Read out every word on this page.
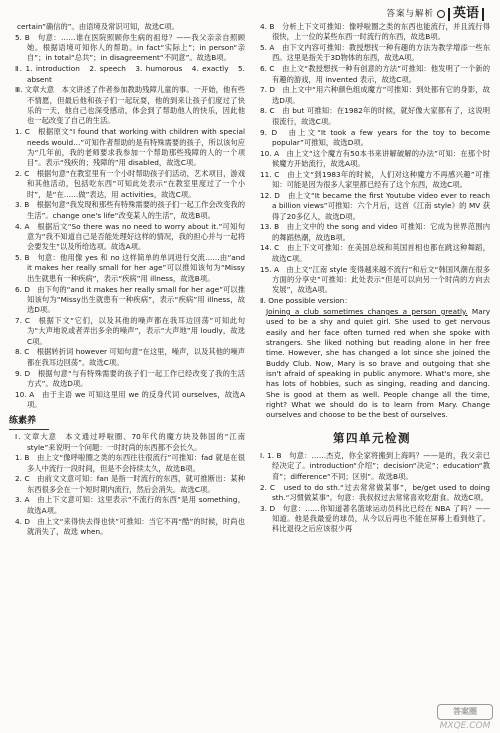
答案与解析 英语
certain”确信的”。由语境及常识可知，故选C项。
5. B　句意：……谁在医院照顾你生病的祖母？——我父亲亲自照顾她。根据语境可知你人的帮助。in fact“实际上”；in person“亲自”；in total“总共”；in disagreement“不同意”。故选B项。
Ⅱ. 1. introduction　2. speech　3. humorous　4. exactly　5. absent
Ⅲ. 文章大意　本文讲述了作者参加教助残障儿童的事。一开始，他有些不情愿，但最后他和孩子们一起玩耍，他的到来让孩子们度过了快乐的一天，他自己也深受感动，体会到了帮助他人的快乐，因此他也一起改变了自己的生活。
1. C　根据原文“I found that working with children with special needs would…”可知作者帮助的是有特殊需要的孩子，所以该句应为“几年前，我的老师要求我参加一个帮助那些残障的人的一个项目”。表示“残疾的；残障的”用 disabled，故选C项。
2. C　根据句意“在教室里有一个小时帮助孩子们活动，艺术项目，游戏和其他活动，包括吃东西”可知此处表示“在教室里度过了一个小时”，是“在……做”表达，用 activities，故选C项。
3. B　根据句意“我发现和那些有特殊需要的孩子们一起工作会改变我的生活”。change one's life“改变某人的生活”，故选B项。
4. A　根据后文“So there was no need to worry about it.”可知句意为“我不知道自己是否能处理好这样的情况，我的担心并与一起将会要发生”以及所给选项。故选A项。
5. B　句意：他用像 yes 和 no 这样简单的单词进行交流……由“and it makes her really small for her age”可以推知该句为“Missy出生就患有一种疾病”，表示“疾病”用 illness，故选B项。
6. D　由下句的“and it makes her really small for her age”可以推知该句为“Missy出生就患有一种疾病”，表示“疾病”用 illness，故选D项。
7. C　根据下文“它们，以及其他的噪声都在我耳边回荡”可知此句为“大声地说或者弄出多余的噪声”，表示“大声地”用 loudly，故选C项。
8. C　根据转折词 however 可知句意“在这里，噪声，以及其他的噪声都在我耳边回荡”。故选C项。
9. D　根据句意“与有特殊需要的孩子们一起工作已经改变了我的生活方式”。故选D项。
10. A　由于主语 we 可知这里用 we 的反身代词 ourselves，故选A项。
练素养
Ⅰ. 文章大意　本文通过呼啦圈、70年代的魔方块及韩国的“江南 style”来说明一个问题：一时时尚的东西都不会长久。
1. B　由上文“像呼啦圈之类的东西往往很流行”可推知：fad 就是在很多人中流行一段时间，但是不会持续太久，故选B项。
2. C　由前文文意可知：fan 是指一时流行的东西，就可推断出：某种东西很多会在一个短时期内流行，然后会消失。故选C项。
3. A　由上下文意可知：这里表示“不流行的东西”是用 something，故选A项。
4. D　由上文“来得快去得也快”可推知：当它不再“酷”的时候，时尚也就消失了，故选 when。
4. B　分析上下文可推知：像呼啦圈之类的东西也能流行，并且流行得很快，上一位的某些东西一时流行的东西，故选B项。
5. A　由下文内容可推知：教授想找一种有趣的方法为教学增添一些东西。这里是指关于3D物体的东西，故选A项。
6. C　由上文“教授想找一种有创意的方法”可推知：他发明了一个新的有趣的游戏，用 invented 表示，故选C项。
7. D　由上文中“用六种颜色组成魔方”可推知：到处都有它的身影，故选D项。
8. C　由 but 可推知：在1982年的时候，就好像大家都有了，这说明很流行，故选C项。
9. D　由上文“It took a few years for the toy to become popular”可推知，故选D项。
10. A　由上文“这个魔方有50本书来讲解破解的办法”可知：在那个时候魔方开始流行，故选A项。
11. C　由上文“到1983年的时候，人们对这种魔方不再感兴趣”可推知：可能是因为很多人家里都已经有了这个东西，故选C项。
12. D　由上文“It became the first Youtube video ever to reach a billion views”可推知：六个月后，这首《江南 style》的 MV 获得了20多亿人，故选D项。
13. B　由上文中的 the song and video 可推知：它成为世界范围内的舞蹈热潮，故选B项。
14. C　由上下文可推知：在美国总统和英国首相也都在跳这种舞蹈，故选C项。
15. A　由上文“江南 style 变得越来越不流行”和后文“韩国风潮在很多方面的分享史”可推知：此处表示“但是可以向另一个时尚的方向去发展”，故选A项。
Ⅱ. One possible version：
Joining a club sometimes changes a person greatly. Mary used to be a shy and quiet girl. She used to get nervous easily and her face often turned red when she spoke with strangers. She liked nothing but reading alone in her free time. However, she has changed a lot since she joined the Buddy Club. Now, Mary is so brave and outgoing that she isn't afraid of speaking in public anymore. What's more, she has lots of hobbies, such as singing, reading and dancing. She is good at them as well. People change all the time, right? What we should do is to learn from Mary. Change ourselves and choose to be the best of ourselves.
第四单元检测
Ⅰ. 1. B　句意：……杰克，你全家将搬到上海吗？——是的，我父亲已经决定了。introduction“介绍”；decision“决定”；education“教育”；difference“不同；区别”。故选B项。
2. C　used to do sth.“过去常常做某事”，be/get used to doing sth.“习惯做某事”。句意：我叔叔过去常常喜欢吃甜食。故选C项。
3. D　句意：……你知道著名篮球运动员科比已经在 NBA 了吗？——知道。他是我最爱的球员，从今以后再也不能在屏幕上看到他了。科比退役之后应该很少再
答案圈
MXQE.COM
